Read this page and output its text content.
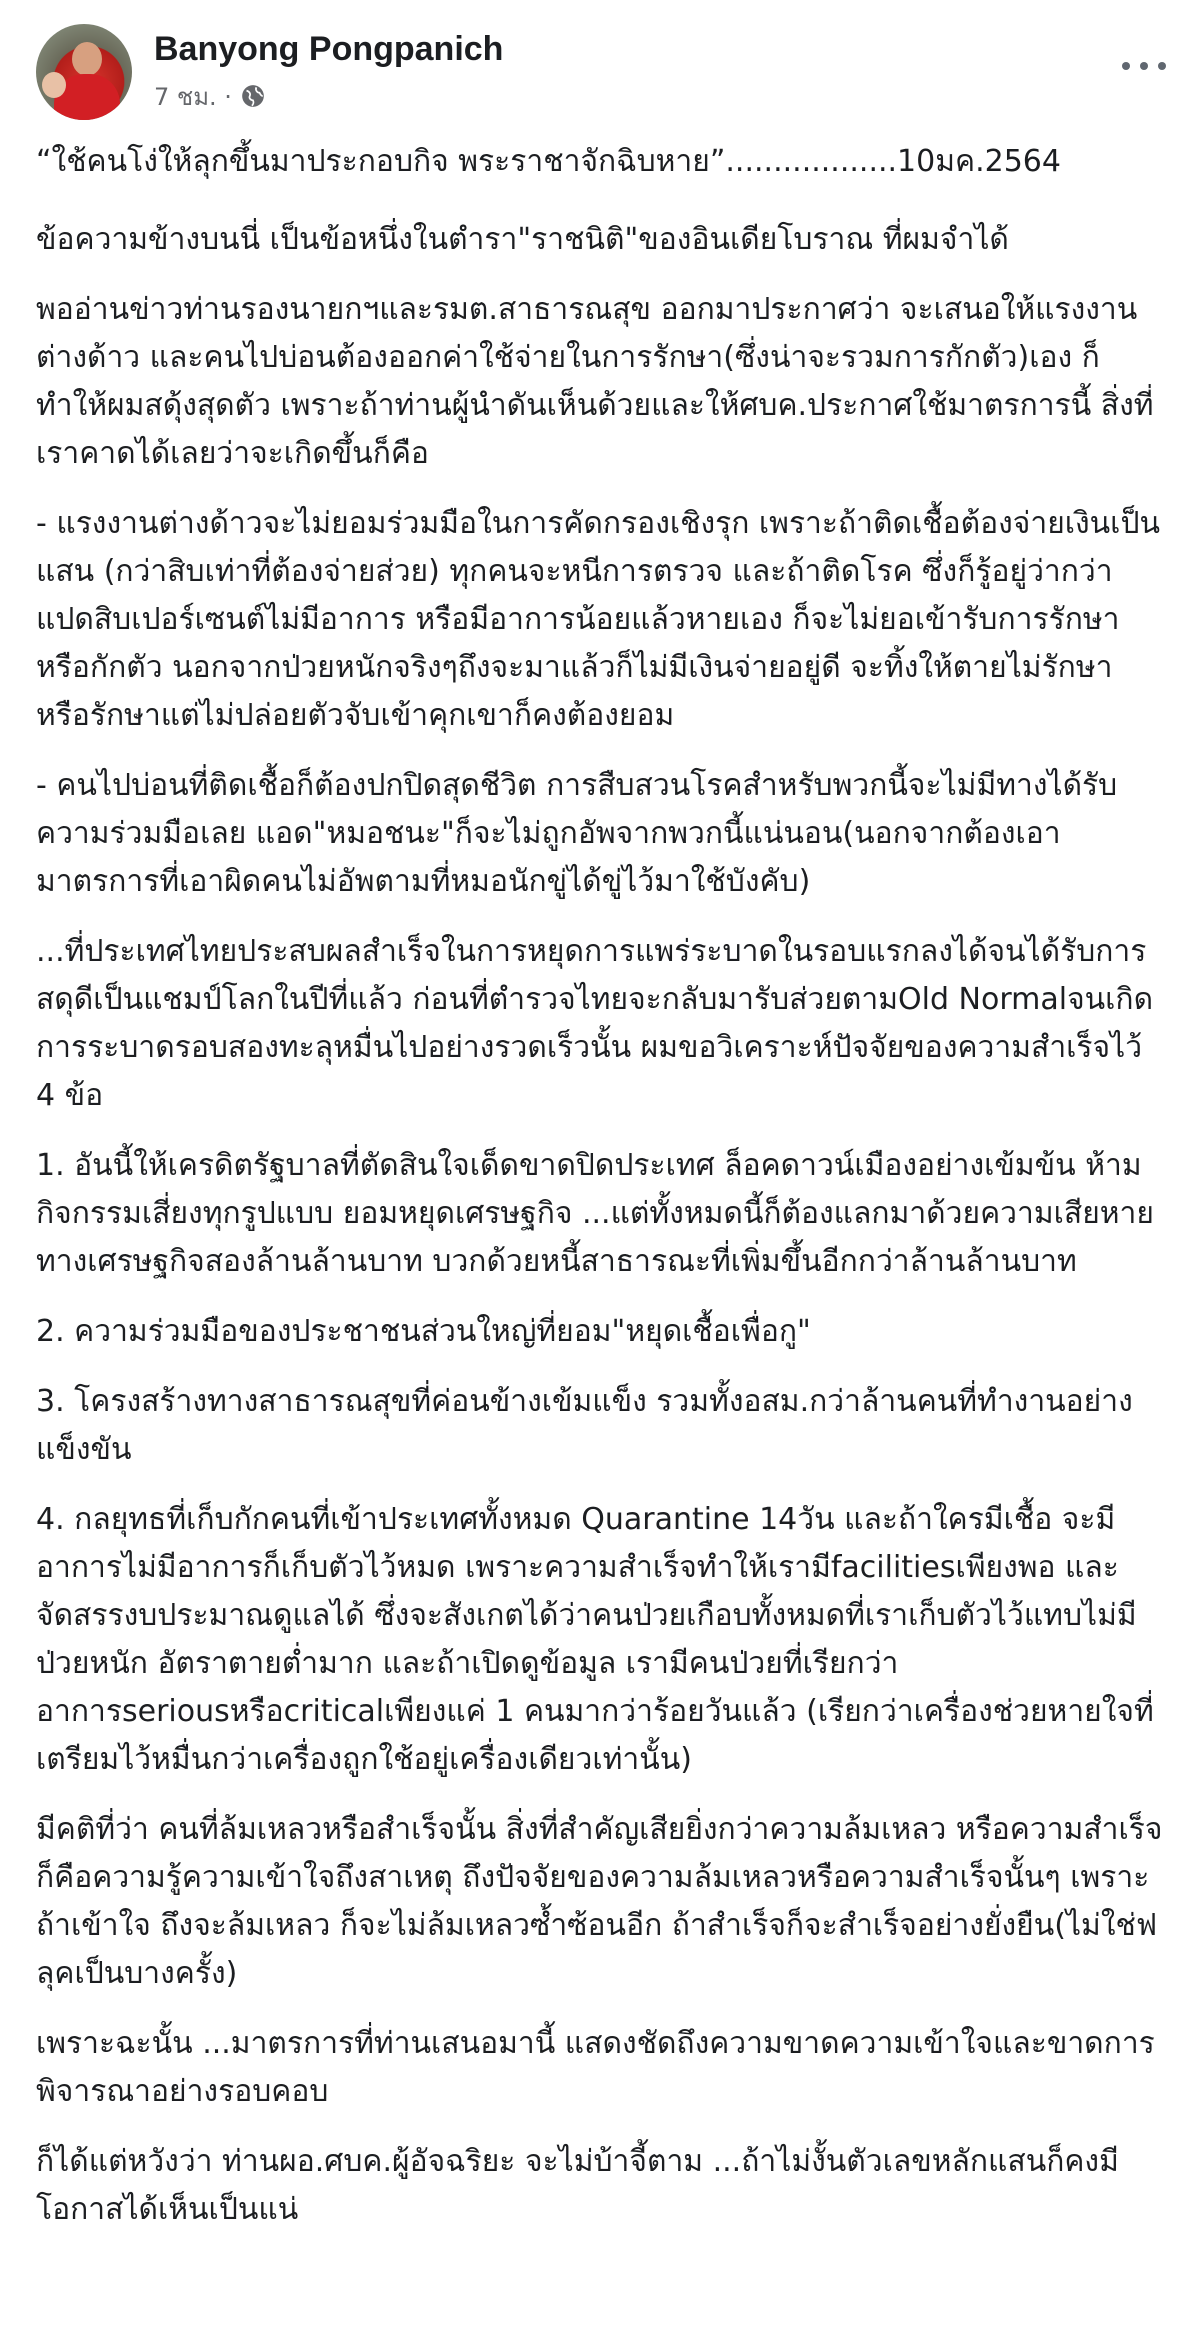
Banyong Pongpanich
7 ชม. ·

“ใช้คนโง่ให้ลุกขึ้นมาประกอบกิจ พระราชาจักฉิบหาย”..................10มค.2564

ข้อความข้างบนนี่ เป็นข้อหนึ่งในตำรา"ราชนิติ"ของอินเดียโบราณ ที่ผมจำได้

พออ่านข่าวท่านรองนายกฯและรมต.สาธารณสุข ออกมาประกาศว่า จะเสนอให้แรงงานต่างด้าว และคนไปบ่อนต้องออกค่าใช้จ่ายในการรักษา(ซึ่งน่าจะรวมการกักตัว)เอง ก็ทำให้ผมสดุ้งสุดตัว เพราะถ้าท่านผู้นำดันเห็นด้วยและให้ศบค.ประกาศใช้มาตรการนี้ สิ่งที่เราคาดได้เลยว่าจะเกิดขึ้นก็คือ

- แรงงานต่างด้าวจะไม่ยอมร่วมมือในการคัดกรองเชิงรุก เพราะถ้าติดเชื้อต้องจ่ายเงินเป็นแสน (กว่าสิบเท่าที่ต้องจ่ายส่วย) ทุกคนจะหนีการตรวจ และถ้าติดโรค ซึ่งก็รู้อยู่ว่ากว่าแปดสิบเปอร์เซนต์ไม่มีอาการ หรือมีอาการน้อยแล้วหายเอง ก็จะไม่ยอเข้ารับการรักษาหรือกักตัว นอกจากป่วยหนักจริงๆถึงจะมาแล้วก็ไม่มีเงินจ่ายอยู่ดี จะทิ้งให้ตายไม่รักษา หรือรักษาแต่ไม่ปล่อยตัวจับเข้าคุกเขาก็คงต้องยอม

- คนไปบ่อนที่ติดเชื้อก็ต้องปกปิดสุดชีวิต การสืบสวนโรคสำหรับพวกนี้จะไม่มีทางได้รับความร่วมมือเลย แอด"หมอชนะ"ก็จะไม่ถูกอัพจากพวกนี้แน่นอน(นอกจากต้องเอามาตรการที่เอาผิดคนไม่อัพตามที่หมอนักขู่ได้ขู่ไว้มาใช้บังคับ)

...ที่ประเทศไทยประสบผลสำเร็จในการหยุดการแพร่ระบาดในรอบแรกลงได้จนได้รับการสดุดีเป็นแชมป์โลกในปีที่แล้ว ก่อนที่ตำรวจไทยจะกลับมารับส่วยตามOld Normalจนเกิดการระบาดรอบสองทะลุหมื่นไปอย่างรวดเร็วนั้น ผมขอวิเคราะห์ปัจจัยของความสำเร็จไว้ 4 ข้อ

1. อันนี้ให้เครดิตรัฐบาลที่ตัดสินใจเด็ดขาดปิดประเทศ ล็อคดาวน์เมืองอย่างเข้มข้น ห้ามกิจกรรมเสี่ยงทุกรูปแบบ ยอมหยุดเศรษฐกิจ ...แต่ทั้งหมดนี้ก็ต้องแลกมาด้วยความเสียหายทางเศรษฐกิจสองล้านล้านบาท บวกด้วยหนี้สาธารณะที่เพิ่มขึ้นอีกกว่าล้านล้านบาท

2. ความร่วมมือของประชาชนส่วนใหญ่ที่ยอม"หยุดเชื้อเพื่อกู"

3. โครงสร้างทางสาธารณสุขที่ค่อนข้างเข้มแข็ง รวมทั้งอสม.กว่าล้านคนที่ทำงานอย่างแข็งขัน

4. กลยุทธที่เก็บกักคนที่เข้าประเทศทั้งหมด Quarantine 14วัน และถ้าใครมีเชื้อ จะมีอาการไม่มีอาการก็เก็บตัวไว้หมด เพราะความสำเร็จทำให้เรามีfacilitiesเพียงพอ และจัดสรรงบประมาณดูแลได้ ซึ่งจะสังเกตได้ว่าคนป่วยเกือบทั้งหมดที่เราเก็บตัวไว้แทบไม่มีป่วยหนัก อัตราตายต่ำมาก และถ้าเปิดดูข้อมูล เรามีคนป่วยที่เรียกว่าอาการseriousหรือcriticalเพียงแค่ 1 คนมากว่าร้อยวันแล้ว (เรียกว่าเครื่องช่วยหายใจที่เตรียมไว้หมื่นกว่าเครื่องถูกใช้อยู่เครื่องเดียวเท่านั้น)

มีคติที่ว่า คนที่ล้มเหลวหรือสำเร็จนั้น สิ่งที่สำคัญเสียยิ่งกว่าความล้มเหลว หรือความสำเร็จ ก็คือความรู้ความเข้าใจถึงสาเหตุ ถึงปัจจัยของความล้มเหลวหรือความสำเร็จนั้นๆ เพราะถ้าเข้าใจ ถึงจะล้มเหลว ก็จะไม่ล้มเหลวซ้ำซ้อนอีก ถ้าสำเร็จก็จะสำเร็จอย่างยั่งยืน(ไม่ใช่ฟลุคเป็นบางครั้ง)

เพราะฉะนั้น ...มาตรการที่ท่านเสนอมานี้ แสดงชัดถึงความขาดความเข้าใจและขาดการพิจารณาอย่างรอบคอบ

ก็ได้แต่หวังว่า ท่านผอ.ศบค.ผู้อัจฉริยะ จะไม่บ้าจี้ตาม ...ถ้าไม่งั้นตัวเลขหลักแสนก็คงมีโอกาสได้เห็นเป็นแน่
